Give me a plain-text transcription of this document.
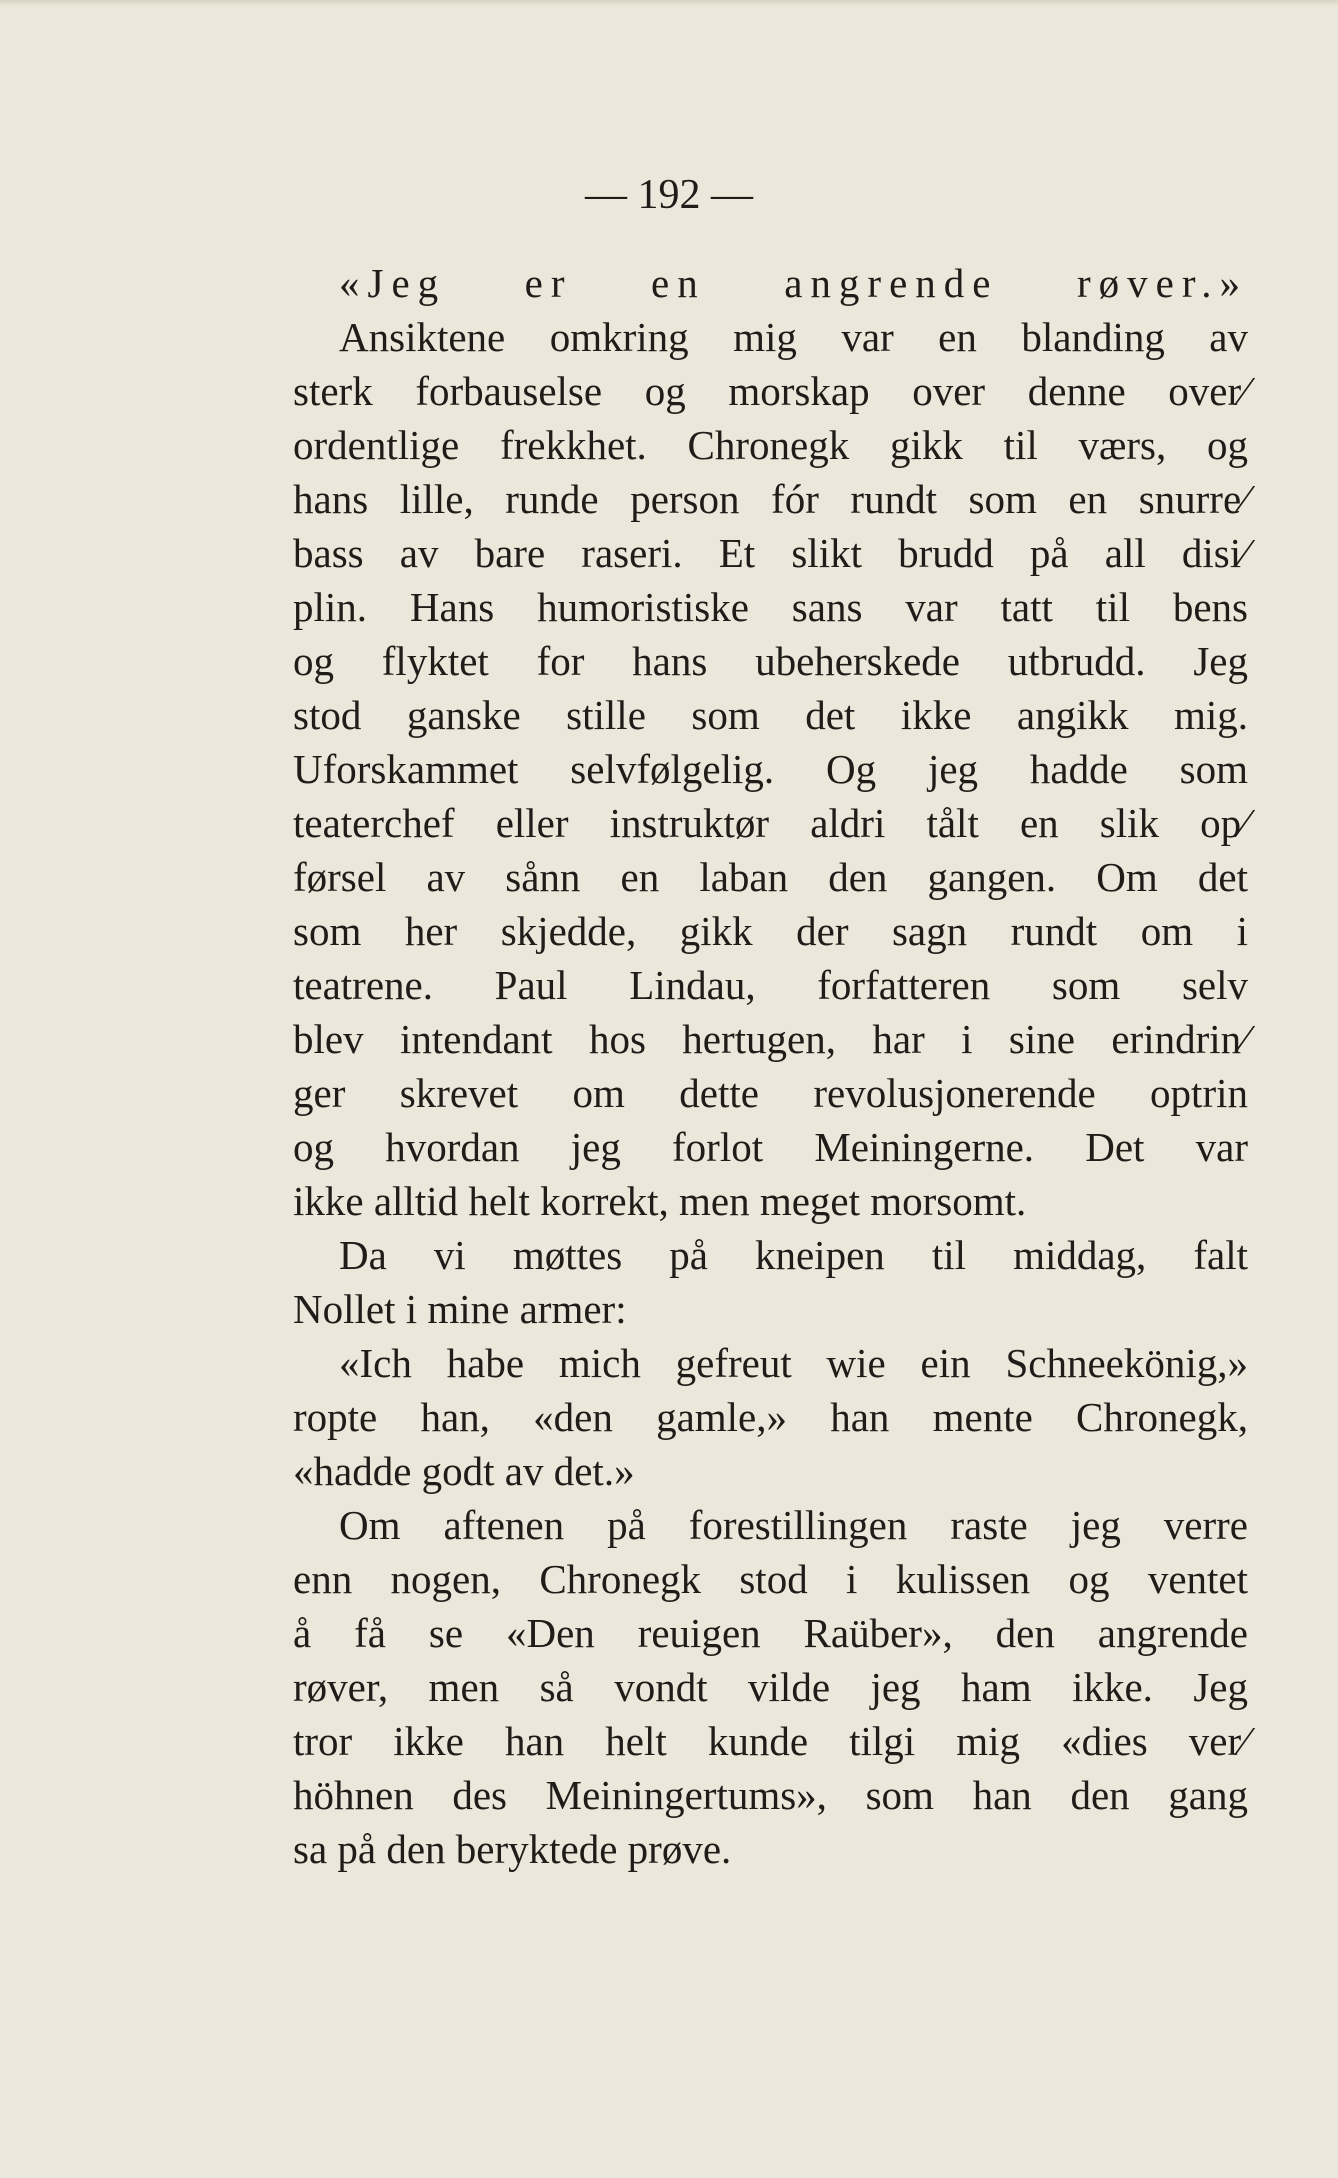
— 192 —
«Jeg er en angrende røver.»
Ansiktene omkring mig var en blanding av
sterk forbauselse og morskap over denne over⁄
ordentlige frekkhet. Chronegk gikk til værs, og
hans lille, runde person fór rundt som en snurre⁄
bass av bare raseri. Et slikt brudd på all disi⁄
plin. Hans humoristiske sans var tatt til bens
og flyktet for hans ubeherskede utbrudd. Jeg
stod ganske stille som det ikke angikk mig.
Uforskammet selvfølgelig. Og jeg hadde som
teaterchef eller instruktør aldri tålt en slik op⁄
førsel av sånn en laban den gangen. Om det
som her skjedde, gikk der sagn rundt om i
teatrene. Paul Lindau, forfatteren som selv
blev intendant hos hertugen, har i sine erindrin⁄
ger skrevet om dette revolusjonerende optrin
og hvordan jeg forlot Meiningerne. Det var
ikke alltid helt korrekt, men meget morsomt.
Da vi møttes på kneipen til middag, falt
Nollet i mine armer:
«Ich habe mich gefreut wie ein Schneekönig,»
ropte han, «den gamle,» han mente Chronegk,
«hadde godt av det.»
Om aftenen på forestillingen raste jeg verre
enn nogen, Chronegk stod i kulissen og ventet
å få se «Den reuigen Raüber», den angrende
røver, men så vondt vilde jeg ham ikke. Jeg
tror ikke han helt kunde tilgi mig «dies ver⁄
höhnen des Meiningertums», som han den gang
sa på den beryktede prøve.
